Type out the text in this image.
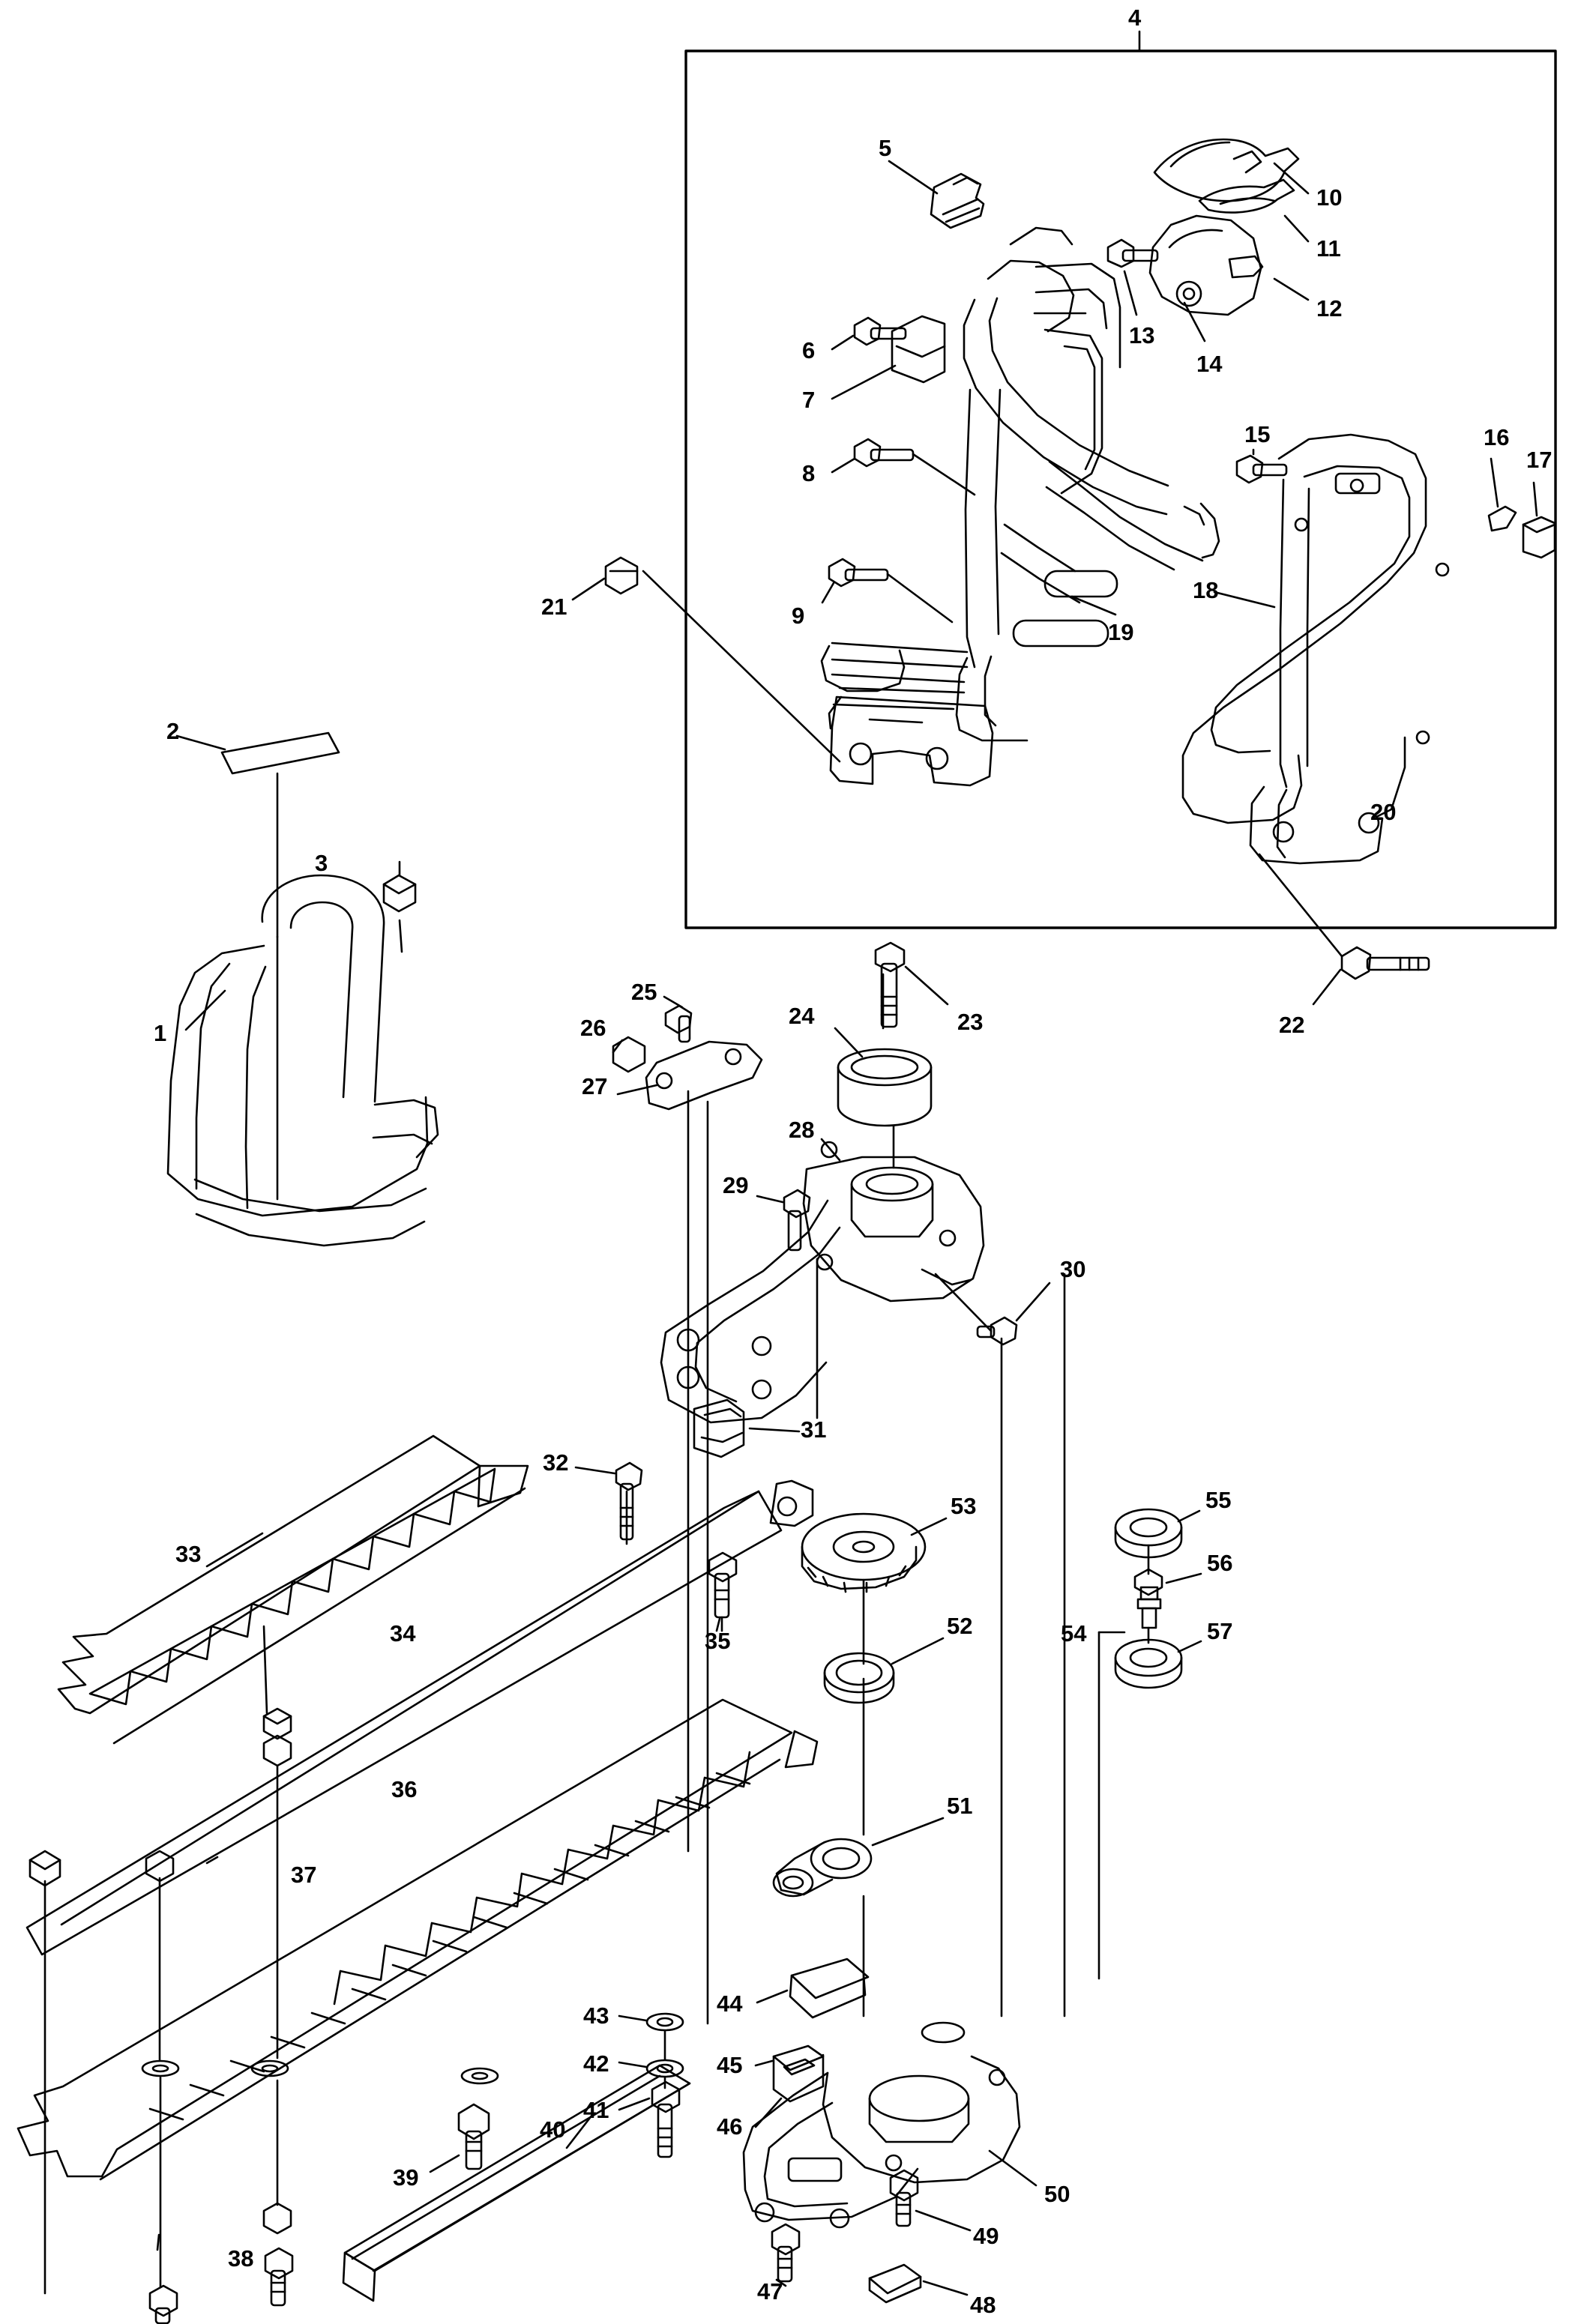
1
2
3
4
5
6
7
8
9
10
11
12
13
14
15	16
17
18
19
20
21
22
23
24
25
26
27
28
29
30
31
32
33
34	35
36
37
38
39
40
41
42
43	44
45
46
47
48
49
50
51
52
53
54
55
56
57
